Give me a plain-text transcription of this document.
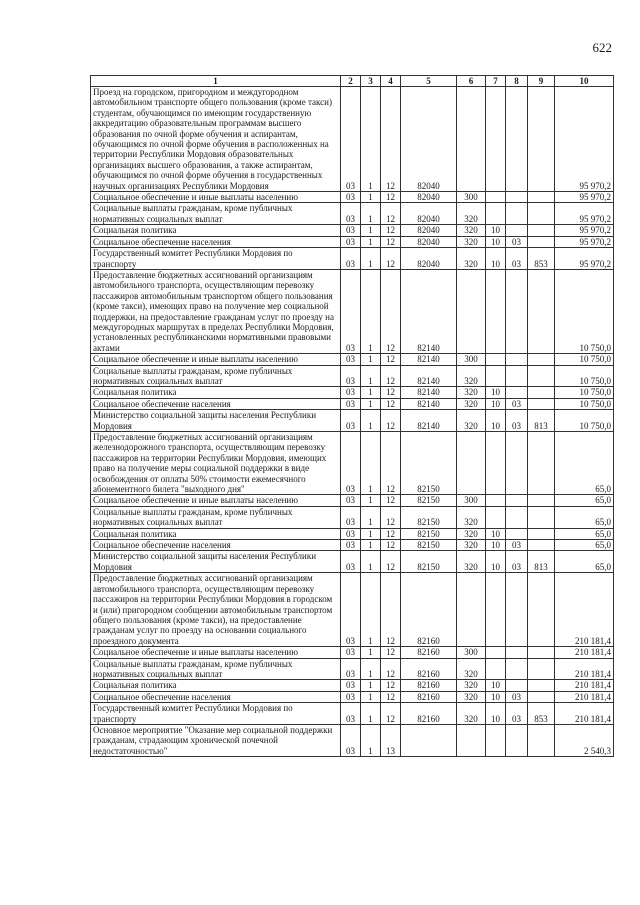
622
1	2	3	4	5	6	7	8	9	10

Проезд на городском, пригородном и междугородном автомобильном транспорте общего пользования (кроме такси) студентам, обучающимся по имеющим государственную аккредитацию образовательным программам высшего образования по очной форме обучения и аспирантам, обучающимся по очной форме обучения в расположенных на территории Республики Мордовия образовательных организациях высшего образования, а также аспирантам, обучающимся по очной форме обучения в государственных научных организациях Республики Мордовия	03	1	12	82040					95 970,2

Социальное обеспечение и иные выплаты населению	03	1	12	82040	300				95 970,2

Социальные выплаты гражданам, кроме публичных нормативных социальных выплат	03	1	12	82040	320				95 970,2

Социальная политика	03	1	12	82040	320	10			95 970,2

Социальное обеспечение населения	03	1	12	82040	320	10	03		95 970,2

Государственный комитет Республики Мордовия по транспорту	03	1	12	82040	320	10	03	853	95 970,2

Предоставление бюджетных ассигнований организациям автомобильного транспорта, осуществляющим перевозку пассажиров автомобильным транспортом общего пользования (кроме такси), имеющих право на получение мер социальной поддержки, на предоставление гражданам услуг по проезду на междугородных маршрутах в пределах Республики Мордовия, установленных республиканскими нормативными правовыми актами	03	1	12	82140					10 750,0

Социальное обеспечение и иные выплаты населению	03	1	12	82140	300				10 750,0

Социальные выплаты гражданам, кроме публичных нормативных социальных выплат	03	1	12	82140	320				10 750,0

Социальная политика	03	1	12	82140	320	10			10 750,0

Социальное обеспечение населения	03	1	12	82140	320	10	03		10 750,0

Министерство социальной защиты населения Республики Мордовия	03	1	12	82140	320	10	03	813	10 750,0

Предоставление бюджетных ассигнований организациям железнодорожного транспорта, осуществляющим перевозку пассажиров на территории Республики Мордовия, имеющих право на получение меры социальной поддержки в виде освобождения от оплаты 50% стоимости ежемесячного абонементного билета "выходного дня"	03	1	12	82150					65,0

Социальное обеспечение и иные выплаты населению	03	1	12	82150	300				65,0

Социальные выплаты гражданам, кроме публичных нормативных социальных выплат	03	1	12	82150	320				65,0

Социальная политика	03	1	12	82150	320	10			65,0

Социальное обеспечение населения	03	1	12	82150	320	10	03		65,0

Министерство социальной защиты населения Республики Мордовия	03	1	12	82150	320	10	03	813	65,0

Предоставление бюджетных ассигнований организациям автомобильного транспорта, осуществляющим перевозку пассажиров на территории Республики Мордовия в городском и (или) пригородном сообщении автомобильным транспортом общего пользования (кроме такси), на предоставление гражданам услуг по проезду на основании социального проездного документа	03	1	12	82160					210 181,4

Социальное обеспечение и иные выплаты населению	03	1	12	82160	300				210 181,4

Социальные выплаты гражданам, кроме публичных нормативных социальных выплат	03	1	12	82160	320				210 181,4

Социальная политика	03	1	12	82160	320	10			210 181,4

Социальное обеспечение населения	03	1	12	82160	320	10	03		210 181,4

Государственный комитет Республики Мордовия по транспорту	03	1	12	82160	320	10	03	853	210 181,4

Основное мероприятие "Оказание мер социальной поддержки гражданам, страдающим хронической почечной недостаточностью"	03	1	13						2 540,3
